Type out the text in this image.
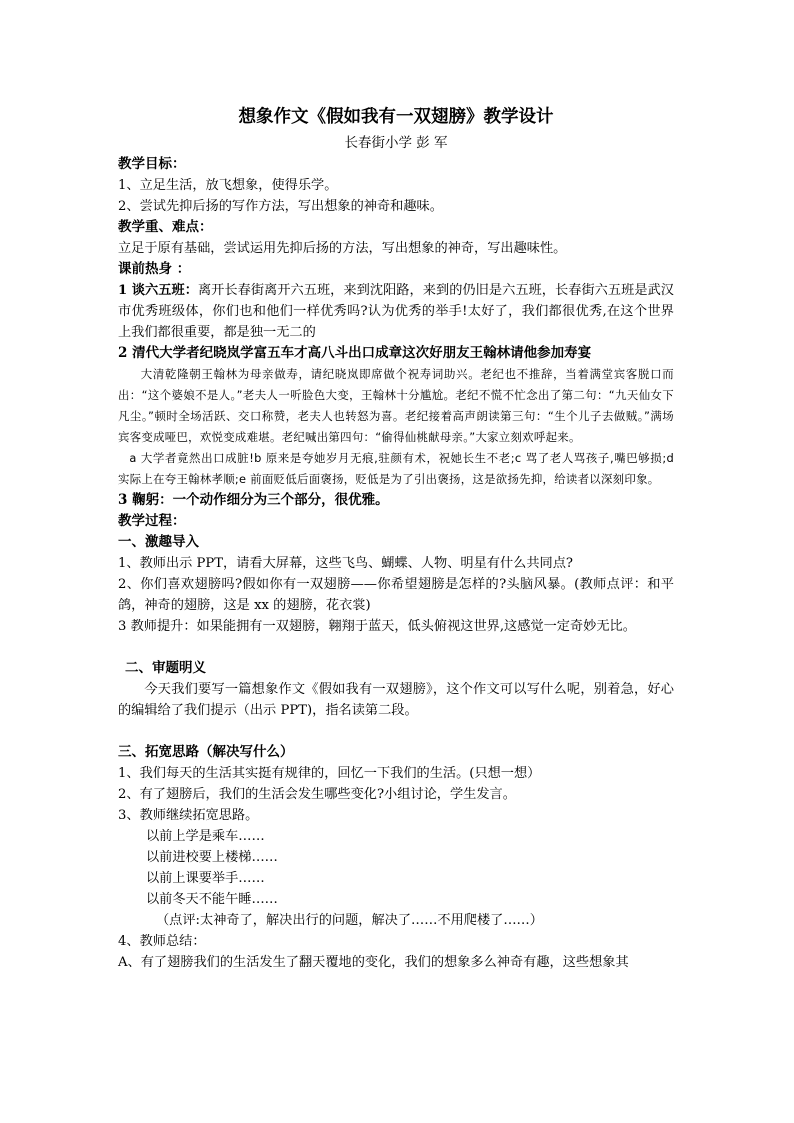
想象作文《假如我有一双翅膀》教学设计

长春街小学 彭 军

教学目标：

1、立足生活，放飞想象，使得乐学。

2、尝试先抑后扬的写作方法，写出想象的神奇和趣味。

教学重、难点：

立足于原有基础，尝试运用先抑后扬的方法，写出想象的神奇，写出趣味性。

课前热身 ：

1 谈六五班：离开长春街离开六五班，来到沈阳路，来到的仍旧是六五班，长春街六五班是武汉市优秀班级体，你们也和他们一样优秀吗?认为优秀的举手!太好了，我们都很优秀,在这个世界上我们都很重要，都是独一无二的

2 清代大学者纪晓岚学富五车才高八斗出口成章这次好朋友王翰林请他参加寿宴

大清乾隆朝王翰林为母亲做寿，请纪晓岚即席做个祝寿词助兴。老纪也不推辞，当着满堂宾客脱口而出：“这个婆娘不是人。”老夫人一听脸色大变，王翰林十分尴尬。老纪不慌不忙念出了第二句：“九天仙女下凡尘。”顿时全场活跃、交口称赞，老夫人也转怒为喜。老纪接着高声朗读第三句：“生个儿子去做贼。”满场宾客变成哑巴，欢悦变成难堪。老纪喊出第四句：“偷得仙桃献母亲。”大家立刻欢呼起来。

a 大学者竟然出口成脏!b 原来是夸她岁月无痕,驻颜有术，祝她长生不老;c 骂了老人骂孩子,嘴巴够损;d 实际上在夸王翰林孝顺;e 前面贬低后面褒扬，贬低是为了引出褒扬，这是欲扬先抑，给读者以深刻印象。

3 鞠躬：一个动作细分为三个部分，很优雅。

教学过程：

一、激趣导入

1、教师出示 PPT，请看大屏幕，这些飞鸟、蝴蝶、人物、明星有什么共同点?

2、你们喜欢翅膀吗?假如你有一双翅膀——你希望翅膀是怎样的?头脑风暴。(教师点评：和平鸽，神奇的翅膀，这是 xx 的翅膀，花衣裳)

3 教师提升：如果能拥有一双翅膀，翱翔于蓝天，低头俯视这世界,这感觉一定奇妙无比。

二、审题明义

今天我们要写一篇想象作文《假如我有一双翅膀》，这个作文可以写什么呢，别着急，好心的编辑给了我们提示（出示 PPT)，指名读第二段。

三、拓宽思路（解决写什么）

1、我们每天的生活其实挺有规律的，回忆一下我们的生活。(只想一想）

2、有了翅膀后，我们的生活会发生哪些变化?小组讨论，学生发言。

3、教师继续拓宽思路。

以前上学是乘车……

以前进校要上楼梯……

以前上课要举手……

以前冬天不能午睡……

（点评:太神奇了，解决出行的问题，解决了……不用爬楼了……）

4、教师总结：

A、有了翅膀我们的生活发生了翻天覆地的变化，我们的想象多么神奇有趣，这些想象其
